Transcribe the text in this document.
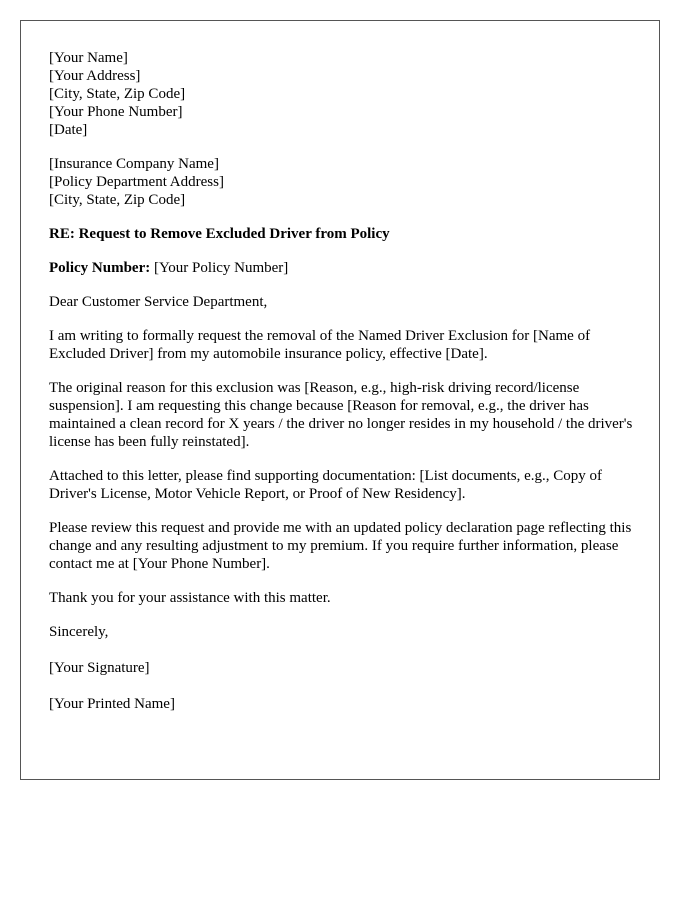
[Your Name]
[Your Address]
[City, State, Zip Code]
[Your Phone Number]
[Date]

[Insurance Company Name]
[Policy Department Address]
[City, State, Zip Code]

RE: Request to Remove Excluded Driver from Policy

Policy Number: [Your Policy Number]

Dear Customer Service Department,

I am writing to formally request the removal of the Named Driver Exclusion for [Name of Excluded Driver] from my automobile insurance policy, effective [Date].

The original reason for this exclusion was [Reason, e.g., high-risk driving record/license suspension]. I am requesting this change because [Reason for removal, e.g., the driver has maintained a clean record for X years / the driver no longer resides in my household / the driver's license has been fully reinstated].

Attached to this letter, please find supporting documentation: [List documents, e.g., Copy of Driver's License, Motor Vehicle Report, or Proof of New Residency].

Please review this request and provide me with an updated policy declaration page reflecting this change and any resulting adjustment to my premium. If you require further information, please contact me at [Your Phone Number].

Thank you for your assistance with this matter.

Sincerely,

[Your Signature]

[Your Printed Name]
